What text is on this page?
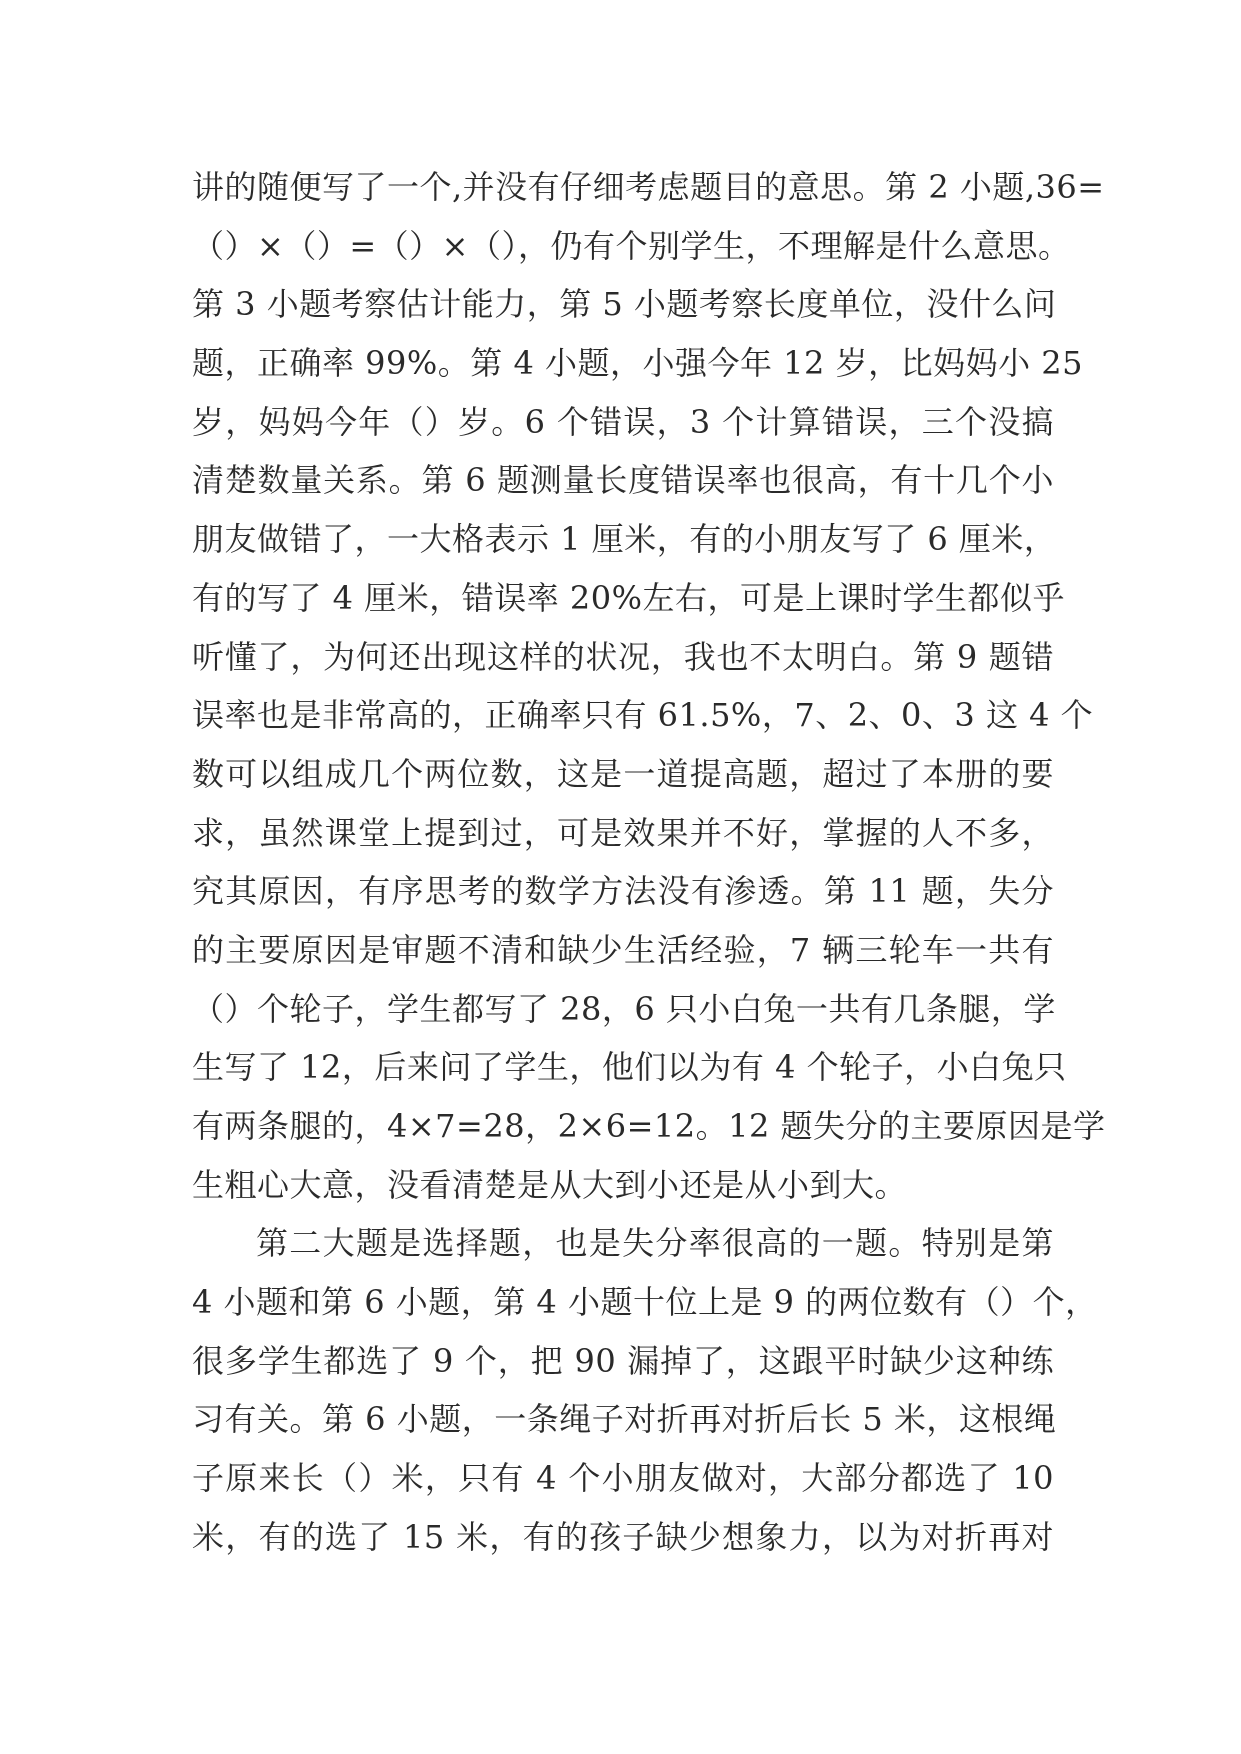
讲的随便写了一个,并没有仔细考虑题目的意思。第 2 小题,36=
（）×（）=（）×（），仍有个别学生，不理解是什么意思。
第 3 小题考察估计能力，第 5 小题考察长度单位，没什么问
题，正确率 99%。第 4 小题，小强今年 12 岁，比妈妈小 25
岁，妈妈今年（）岁。6 个错误，3 个计算错误，三个没搞
清楚数量关系。第 6 题测量长度错误率也很高，有十几个小
朋友做错了，一大格表示 1 厘米，有的小朋友写了 6 厘米，
有的写了 4 厘米，错误率 20%左右，可是上课时学生都似乎
听懂了，为何还出现这样的状况，我也不太明白。第 9 题错
误率也是非常高的，正确率只有 61.5%，7、2、0、3 这 4 个
数可以组成几个两位数，这是一道提高题，超过了本册的要
求，虽然课堂上提到过，可是效果并不好，掌握的人不多，
究其原因，有序思考的数学方法没有渗透。第 11 题，失分
的主要原因是审题不清和缺少生活经验，7 辆三轮车一共有
（）个轮子，学生都写了 28，6 只小白兔一共有几条腿，学
生写了 12，后来问了学生，他们以为有 4 个轮子，小白兔只
有两条腿的，4×7=28，2×6=12。12 题失分的主要原因是学
生粗心大意，没看清楚是从大到小还是从小到大。
第二大题是选择题，也是失分率很高的一题。特别是第
4 小题和第 6 小题，第 4 小题十位上是 9 的两位数有（）个，
很多学生都选了 9 个，把 90 漏掉了，这跟平时缺少这种练
习有关。第 6 小题，一条绳子对折再对折后长 5 米，这根绳
子原来长（）米，只有 4 个小朋友做对，大部分都选了 10
米，有的选了 15 米，有的孩子缺少想象力，以为对折再对
